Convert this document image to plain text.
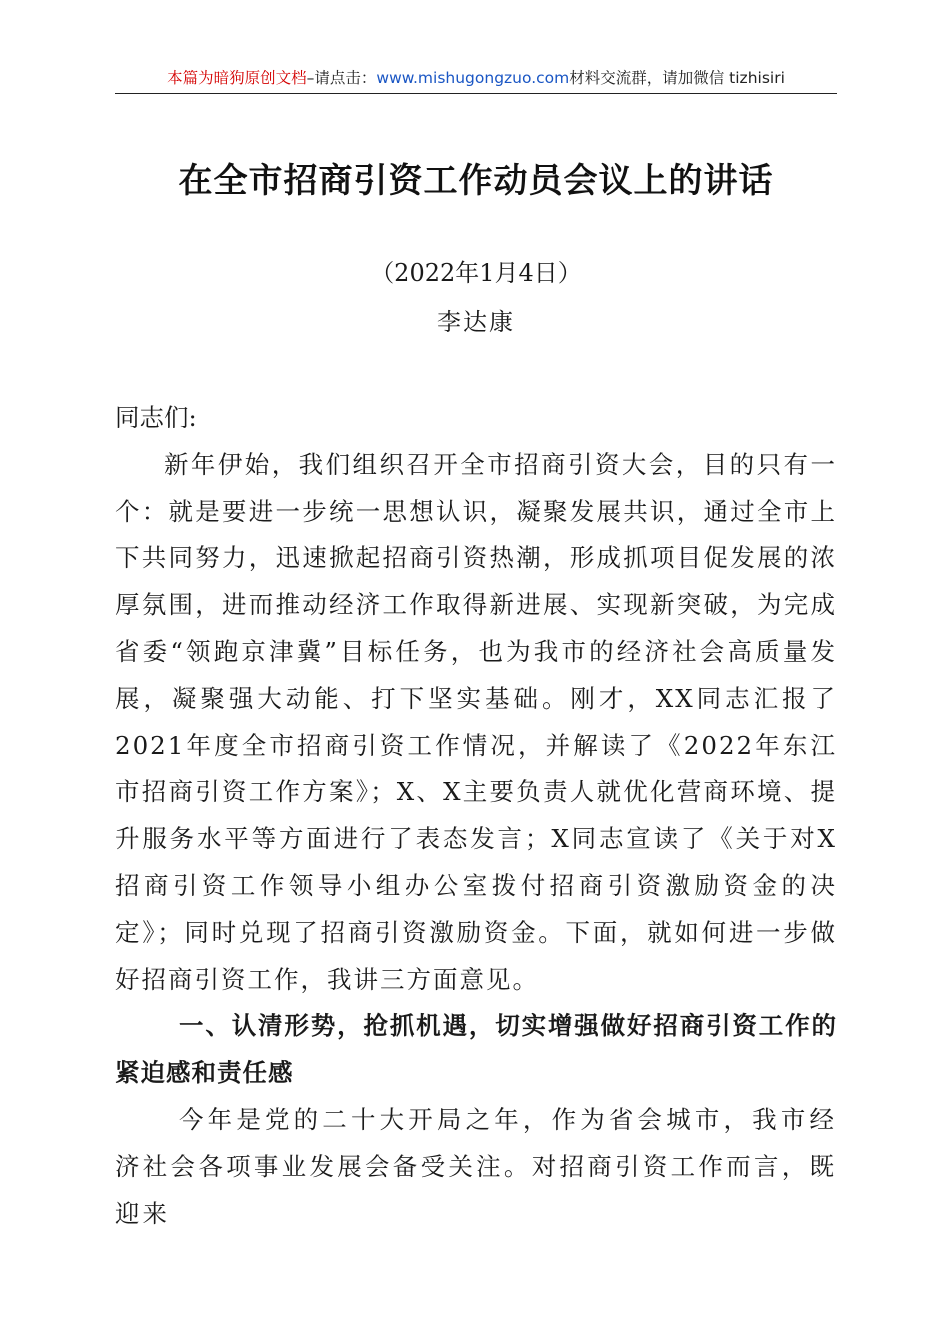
本篇为暗狗原创文档–请点击：www.mishugongzuo.com材料交流群，请加微信 tizhisiri
在全市招商引资工作动员会议上的讲话
（2022年1月4日）
李达康

同志们:

新年伊始，我们组织召开全市招商引资大会，目的只有一个：就是要进一步统一思想认识，凝聚发展共识，通过全市上下共同努力，迅速掀起招商引资热潮，形成抓项目促发展的浓厚氛围，进而推动经济工作取得新进展、实现新突破，为完成省委“领跑京津冀”目标任务，也为我市的经济社会高质量发展，凝聚强大动能、打下坚实基础。刚才，XX同志汇报了2021年度全市招商引资工作情况，并解读了《2022年东江市招商引资工作方案》；X、X主要负责人就优化营商环境、提升服务水平等方面进行了表态发言；X同志宣读了《关于对X招商引资工作领导小组办公室拨付招商引资激励资金的决定》；同时兑现了招商引资激励资金。下面，就如何进一步做好招商引资工作，我讲三方面意见。

一、认清形势，抢抓机遇，切实增强做好招商引资工作的紧迫感和责任感

今年是党的二十大开局之年，作为省会城市，我市经济社会各项事业发展会备受关注。对招商引资工作而言，既迎来
